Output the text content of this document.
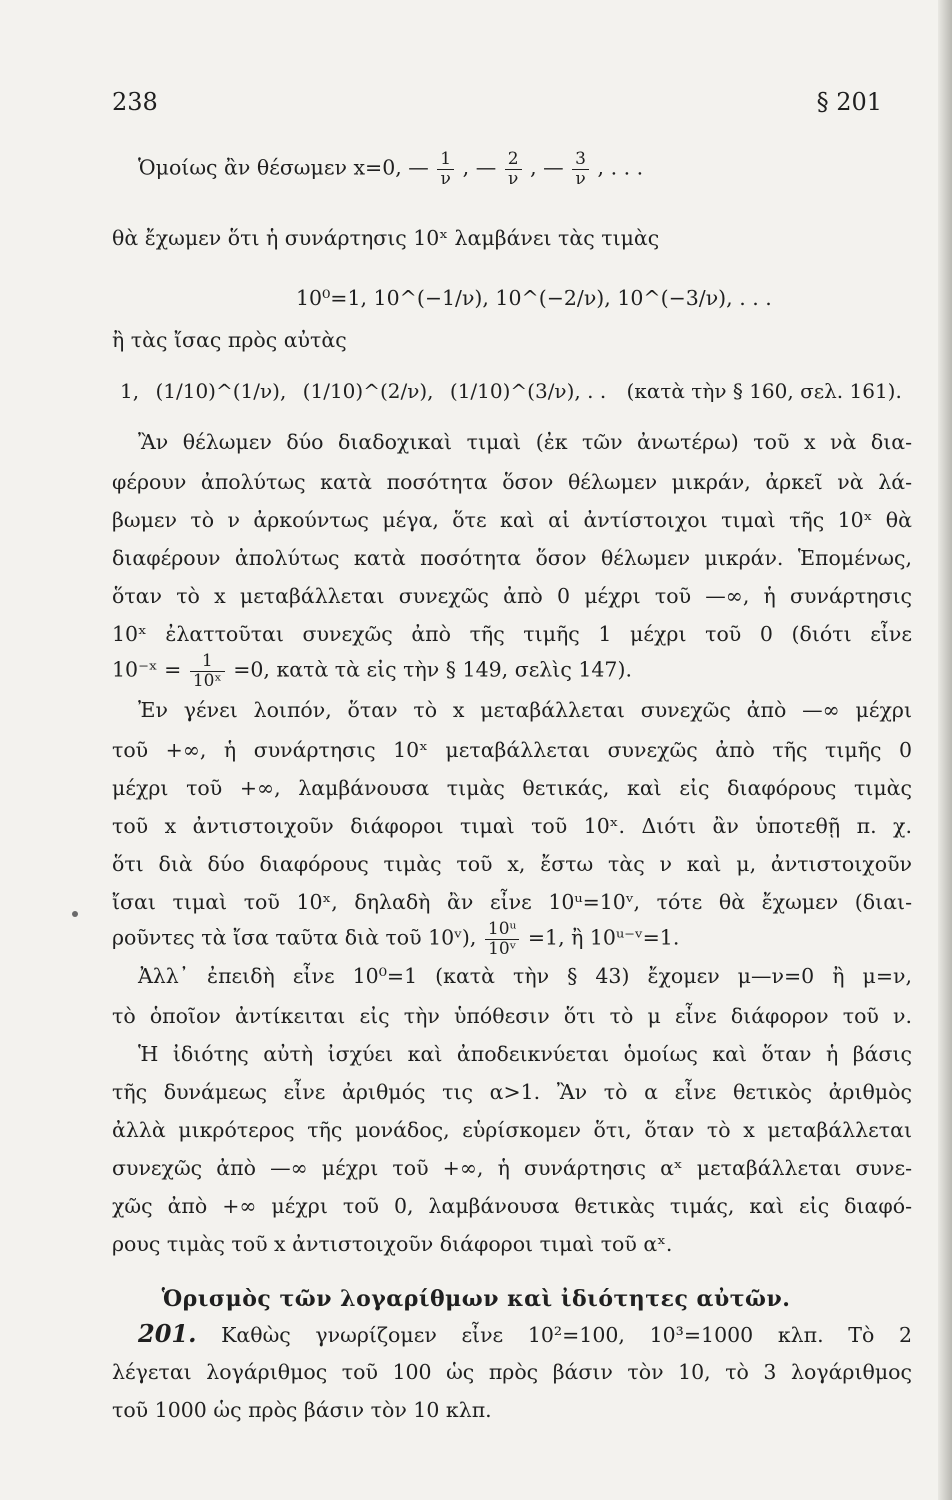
238	§ 201
Ὁμοίως ἂν θέσωμεν x=0, — $\frac{1}{\nu}$ , — $\frac{2}{\nu}$ , — $\frac{3}{\nu}$ , . . .
θὰ ἔχωμεν ὅτι ἡ συνάρτησις 10ˣ λαμβάνει τὰς τιμὰς
10⁰=1, 10^(−1/ν), 10^(−2/ν), 10^(−3/ν), . . .
ἢ τὰς ἴσας πρὸς αὐτὰς
1, (1/10)^(1/ν), (1/10)^(2/ν), (1/10)^(3/ν), . . (κατὰ τὴν § 160, σελ. 161).
Ἂν θέλωμεν δύο διαδοχικαὶ τιμαὶ (ἐκ τῶν ἀνωτέρω) τοῦ x νὰ δια-
φέρουν ἀπολύτως κατὰ ποσότητα ὅσον θέλωμεν μικράν, ἀρκεῖ νὰ λά-
βωμεν τὸ ν ἀρκούντως μέγα, ὅτε καὶ αἱ ἀντίστοιχοι τιμαὶ τῆς 10ˣ θὰ
διαφέρουν ἀπολύτως κατὰ ποσότητα ὅσον θέλωμεν μικράν. Ἑπομένως,
ὅταν τὸ x μεταβάλλεται συνεχῶς ἀπὸ 0 μέχρι τοῦ —∞, ἡ συνάρτησις
10ˣ ἐλαττοῦται συνεχῶς ἀπὸ τῆς τιμῆς 1 μέχρι τοῦ 0 (διότι εἶνε
10⁻ˣ = $\frac{1}{\text{10ˣ}} =0$, κατὰ τὰ εἰς τὴν § 149, σελὶς 147).
Ἐν γένει λοιπόν, ὅταν τὸ x μεταβάλλεται συνεχῶς ἀπὸ —∞ μέχρι
τοῦ +∞, ἡ συνάρτησις 10ˣ μεταβάλλεται συνεχῶς ἀπὸ τῆς τιμῆς 0
μέχρι τοῦ +∞, λαμβάνουσα τιμὰς θετικάς, καὶ εἰς διαφόρους τιμὰς
τοῦ x ἀντιστοιχοῦν διάφοροι τιμαὶ τοῦ 10ˣ. Διότι ἂν ὑποτεθῇ π. χ.
ὅτι διὰ δύο διαφόρους τιμὰς τοῦ x, ἔστω τὰς ν καὶ μ, ἀντιστοιχοῦν
ἴσαι τιμαὶ τοῦ 10ˣ, δηλαδὴ ἂν εἶνε 10ᵘ=10ᵛ, τότε θὰ ἔχωμεν (διαι-
ροῦντες τὰ ἴσα ταῦτα διὰ τοῦ 10ᵛ), $\frac{\text{10ᵘ}}{\text{10ᵛ}} =1$, ἢ 10ᵘ⁻ᵛ=1.
Ἀλλ᾽ ἐπειδὴ εἶνε 10⁰=1 (κατὰ τὴν § 43) ἔχομεν μ—ν=0 ἢ μ=ν,
τὸ ὁποῖον ἀντίκειται εἰς τὴν ὑπόθεσιν ὅτι τὸ μ εἶνε διάφορον τοῦ ν.
Ἡ ἰδιότης αὐτὴ ἰσχύει καὶ ἀποδεικνύεται ὁμοίως καὶ ὅταν ἡ βάσις
τῆς δυνάμεως εἶνε ἀριθμός τις α>1. Ἂν τὸ α εἶνε θετικὸς ἀριθμὸς
ἀλλὰ μικρότερος τῆς μονάδος, εὑρίσκομεν ὅτι, ὅταν τὸ x μεταβάλλεται
συνεχῶς ἀπὸ —∞ μέχρι τοῦ +∞, ἡ συνάρτησις αˣ μεταβάλλεται συνε-
χῶς ἀπὸ +∞ μέχρι τοῦ 0, λαμβάνουσα θετικὰς τιμάς, καὶ εἰς διαφό-
ρους τιμὰς τοῦ x ἀντιστοιχοῦν διάφοροι τιμαὶ τοῦ αˣ.
Ὁρισμὸς τῶν λογαρίθμων καὶ ἰδιότητες αὐτῶν.
201. Καθὼς γνωρίζομεν εἶνε 10²=100, 10³=1000 κλπ. Τὸ 2
λέγεται λογάριθμος τοῦ 100 ὡς πρὸς βάσιν τὸν 10, τὸ 3 λογάριθμος
τοῦ 1000 ὡς πρὸς βάσιν τὸν 10 κλπ.
